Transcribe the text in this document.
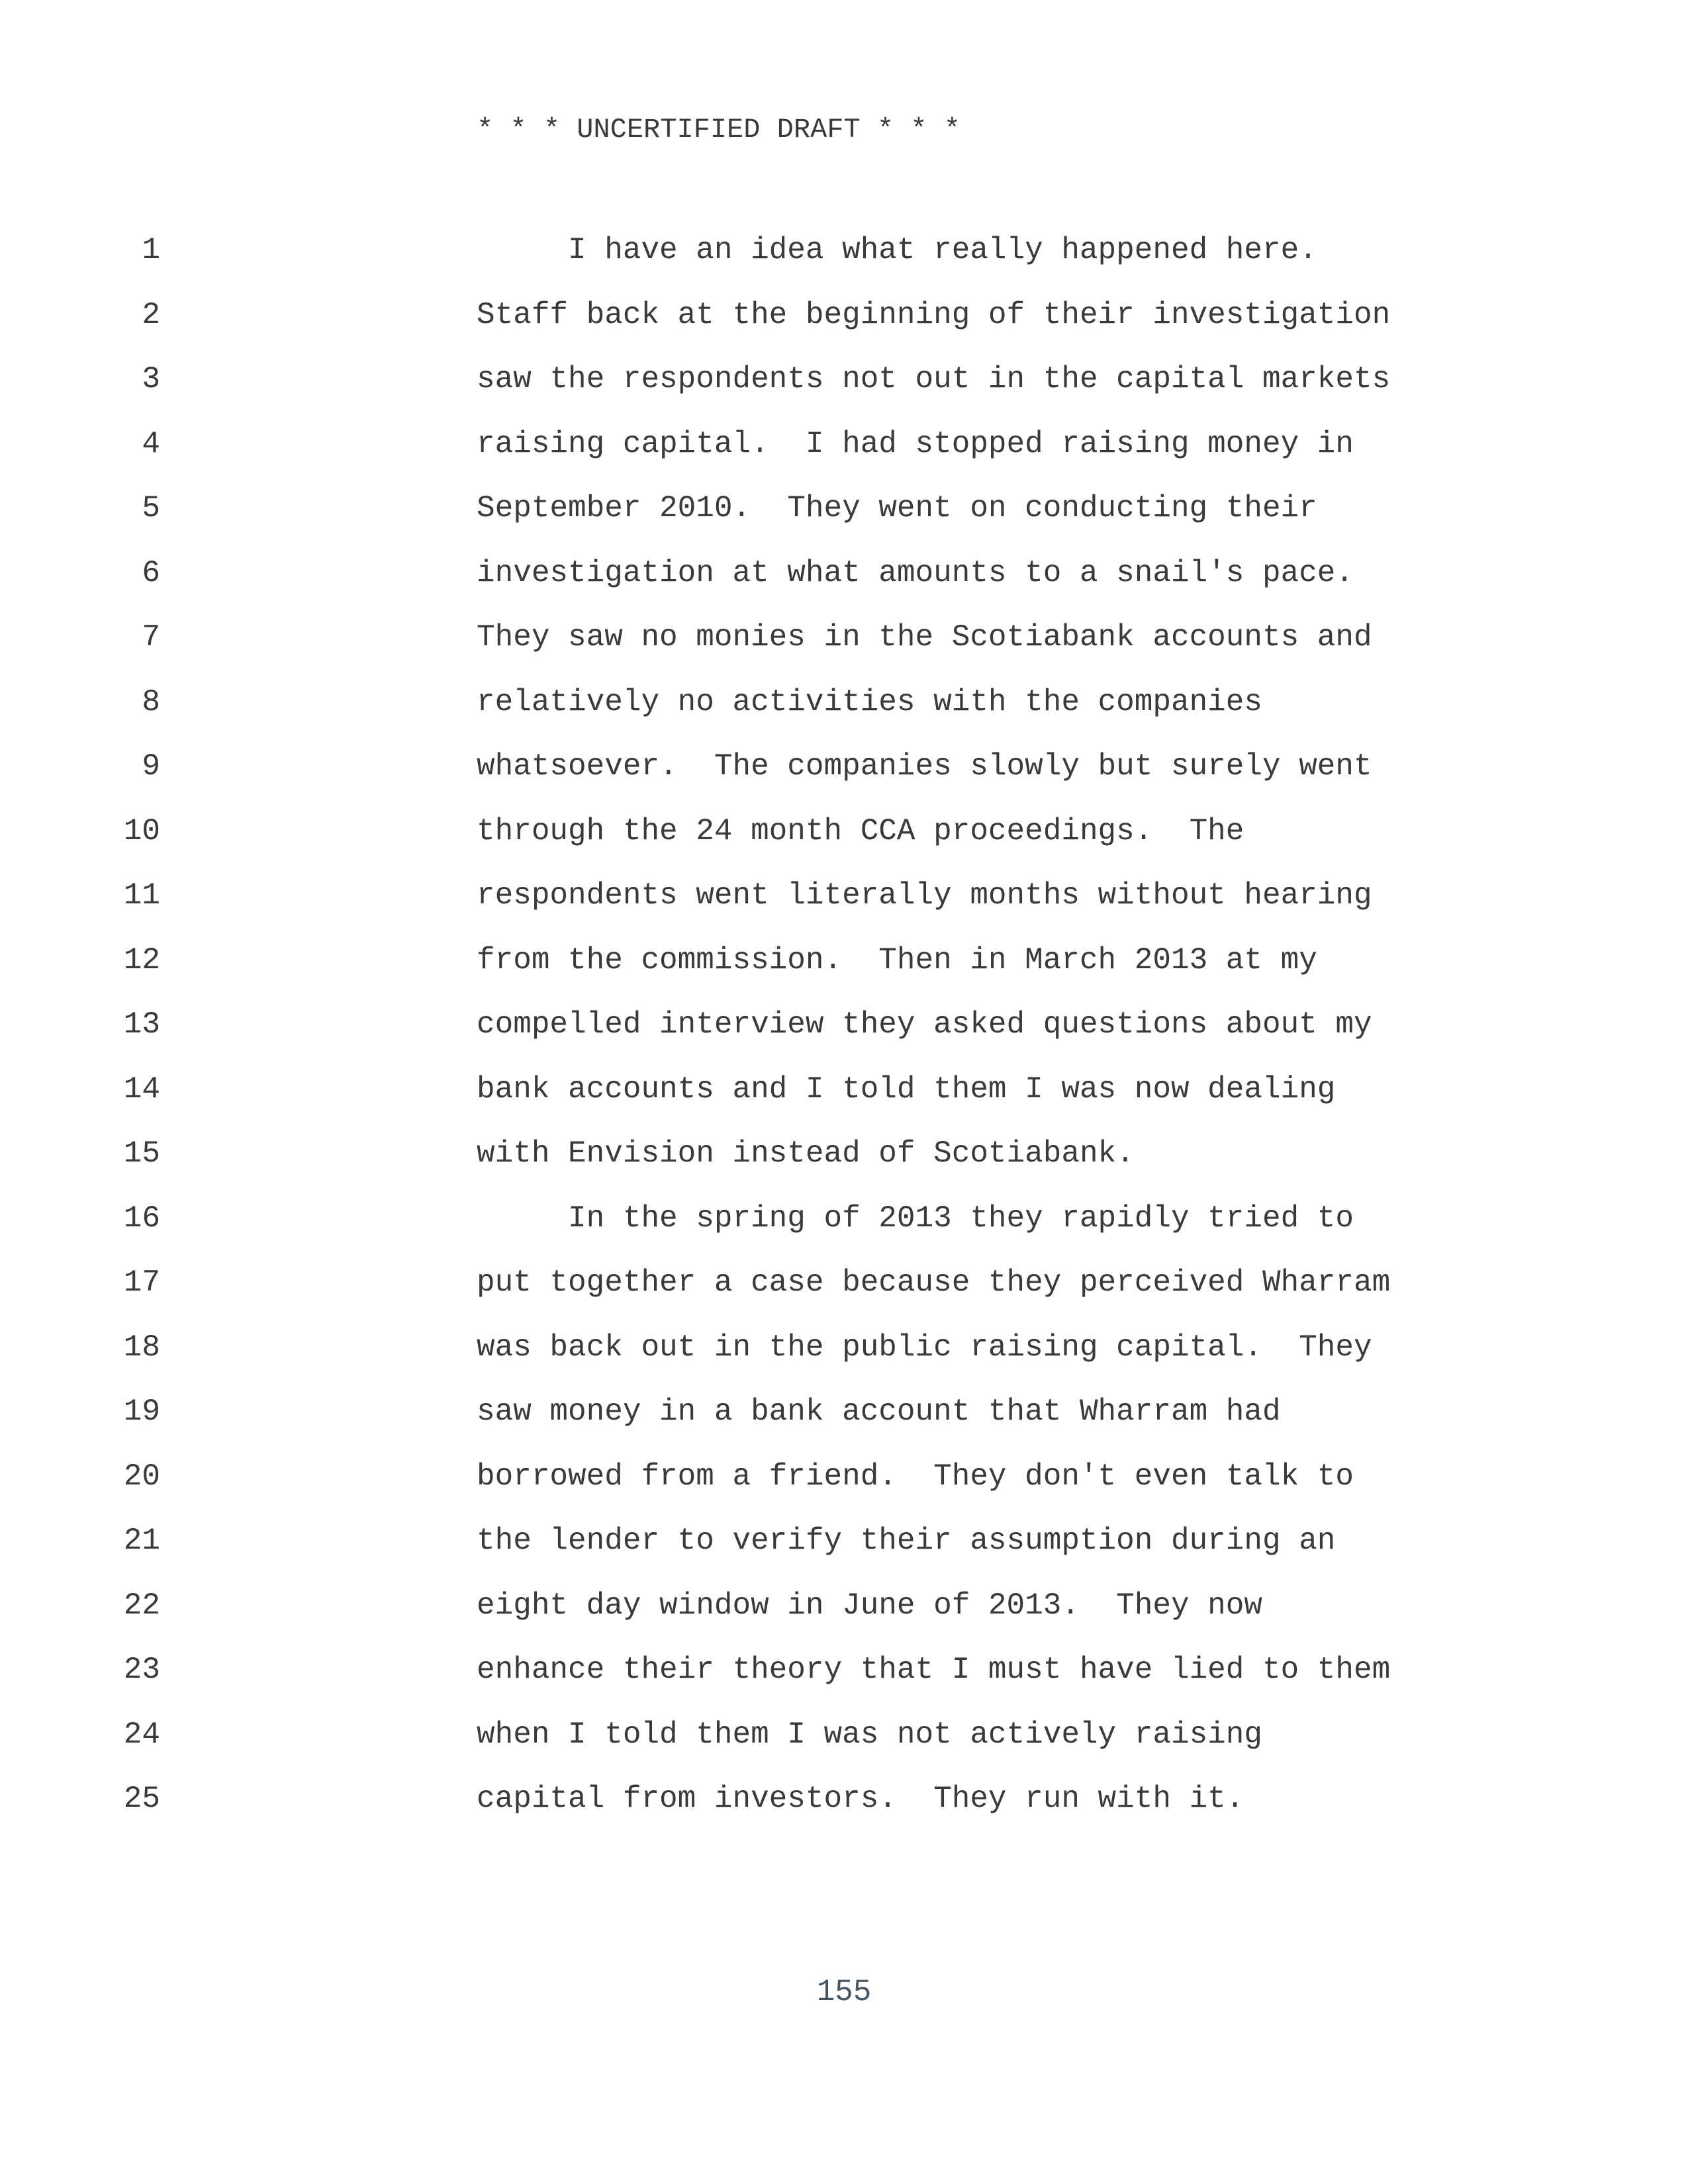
* * * UNCERTIFIED DRAFT * * *
1	I have an idea what really happened here.
2	Staff back at the beginning of their investigation
3	saw the respondents not out in the capital markets
4	raising capital.  I had stopped raising money in
5	September 2010.  They went on conducting their
6	investigation at what amounts to a snail's pace.
7	They saw no monies in the Scotiabank accounts and
8	relatively no activities with the companies
9	whatsoever.  The companies slowly but surely went
10	through the 24 month CCA proceedings.  The
11	respondents went literally months without hearing
12	from the commission.  Then in March 2013 at my
13	compelled interview they asked questions about my
14	bank accounts and I told them I was now dealing
15	with Envision instead of Scotiabank.
16	In the spring of 2013 they rapidly tried to
17	put together a case because they perceived Wharram
18	was back out in the public raising capital.  They
19	saw money in a bank account that Wharram had
20	borrowed from a friend.  They don't even talk to
21	the lender to verify their assumption during an
22	eight day window in June of 2013.  They now
23	enhance their theory that I must have lied to them
24	when I told them I was not actively raising
25	capital from investors.  They run with it.
155
